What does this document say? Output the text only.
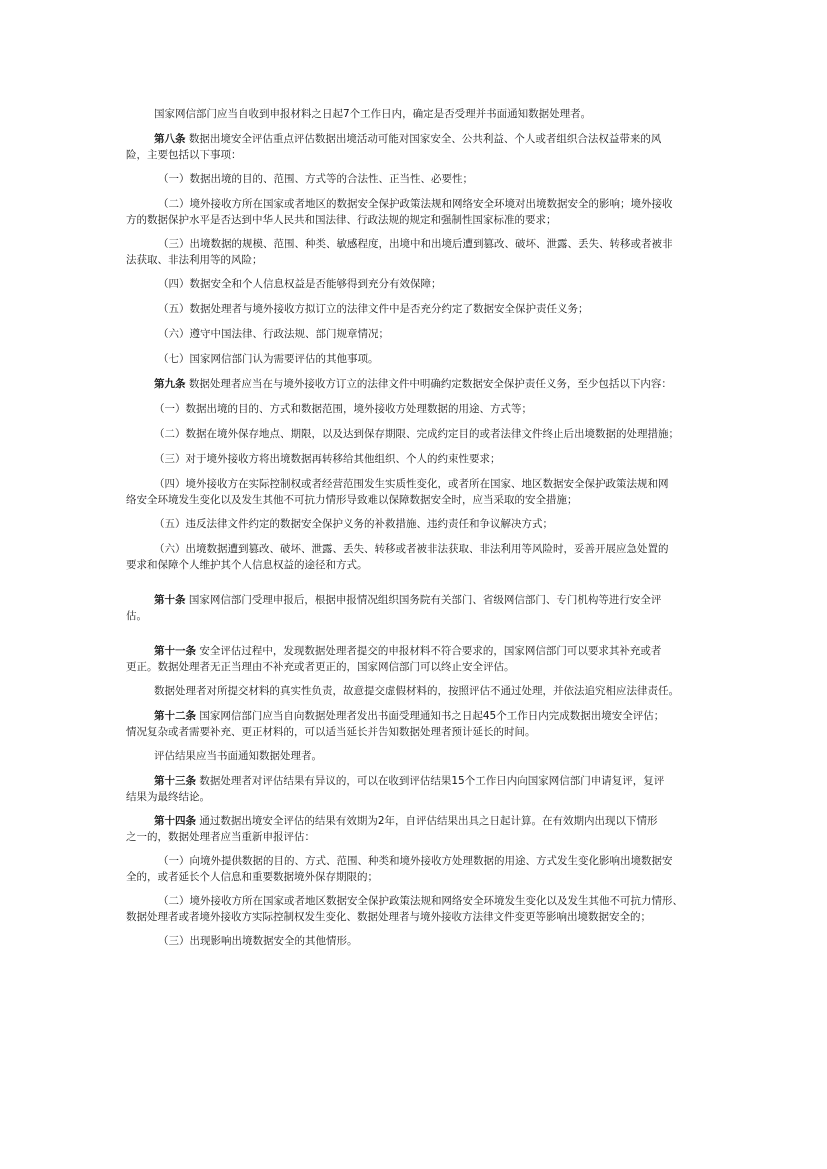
国家网信部门应当自收到申报材料之日起7个工作日内，确定是否受理并书面通知数据处理者。
第八条 数据出境安全评估重点评估数据出境活动可能对国家安全、公共利益、个人或者组织合法权益带来的风
险，主要包括以下事项：
（一）数据出境的目的、范围、方式等的合法性、正当性、必要性；
（二）境外接收方所在国家或者地区的数据安全保护政策法规和网络安全环境对出境数据安全的影响；境外接收
方的数据保护水平是否达到中华人民共和国法律、行政法规的规定和强制性国家标准的要求；
（三）出境数据的规模、范围、种类、敏感程度，出境中和出境后遭到篡改、破坏、泄露、丢失、转移或者被非
法获取、非法利用等的风险；
（四）数据安全和个人信息权益是否能够得到充分有效保障；
（五）数据处理者与境外接收方拟订立的法律文件中是否充分约定了数据安全保护责任义务；
（六）遵守中国法律、行政法规、部门规章情况；
（七）国家网信部门认为需要评估的其他事项。
第九条 数据处理者应当在与境外接收方订立的法律文件中明确约定数据安全保护责任义务，至少包括以下内容：
（一）数据出境的目的、方式和数据范围，境外接收方处理数据的用途、方式等；
（二）数据在境外保存地点、期限，以及达到保存期限、完成约定目的或者法律文件终止后出境数据的处理措施；
（三）对于境外接收方将出境数据再转移给其他组织、个人的约束性要求；
（四）境外接收方在实际控制权或者经营范围发生实质性变化，或者所在国家、地区数据安全保护政策法规和网
络安全环境发生变化以及发生其他不可抗力情形导致难以保障数据安全时，应当采取的安全措施；
（五）违反法律文件约定的数据安全保护义务的补救措施、违约责任和争议解决方式；
（六）出境数据遭到篡改、破坏、泄露、丢失、转移或者被非法获取、非法利用等风险时，妥善开展应急处置的
要求和保障个人维护其个人信息权益的途径和方式。
第十条 国家网信部门受理申报后，根据申报情况组织国务院有关部门、省级网信部门、专门机构等进行安全评
估。
第十一条 安全评估过程中，发现数据处理者提交的申报材料不符合要求的，国家网信部门可以要求其补充或者
更正。数据处理者无正当理由不补充或者更正的，国家网信部门可以终止安全评估。
数据处理者对所提交材料的真实性负责，故意提交虚假材料的，按照评估不通过处理，并依法追究相应法律责任。
第十二条 国家网信部门应当自向数据处理者发出书面受理通知书之日起45个工作日内完成数据出境安全评估；
情况复杂或者需要补充、更正材料的，可以适当延长并告知数据处理者预计延长的时间。
评估结果应当书面通知数据处理者。
第十三条 数据处理者对评估结果有异议的，可以在收到评估结果15个工作日内向国家网信部门申请复评，复评
结果为最终结论。
第十四条 通过数据出境安全评估的结果有效期为2年，自评估结果出具之日起计算。在有效期内出现以下情形
之一的，数据处理者应当重新申报评估：
（一）向境外提供数据的目的、方式、范围、种类和境外接收方处理数据的用途、方式发生变化影响出境数据安
全的，或者延长个人信息和重要数据境外保存期限的；
（二）境外接收方所在国家或者地区数据安全保护政策法规和网络安全环境发生变化以及发生其他不可抗力情形、
数据处理者或者境外接收方实际控制权发生变化、数据处理者与境外接收方法律文件变更等影响出境数据安全的；
（三）出现影响出境数据安全的其他情形。
